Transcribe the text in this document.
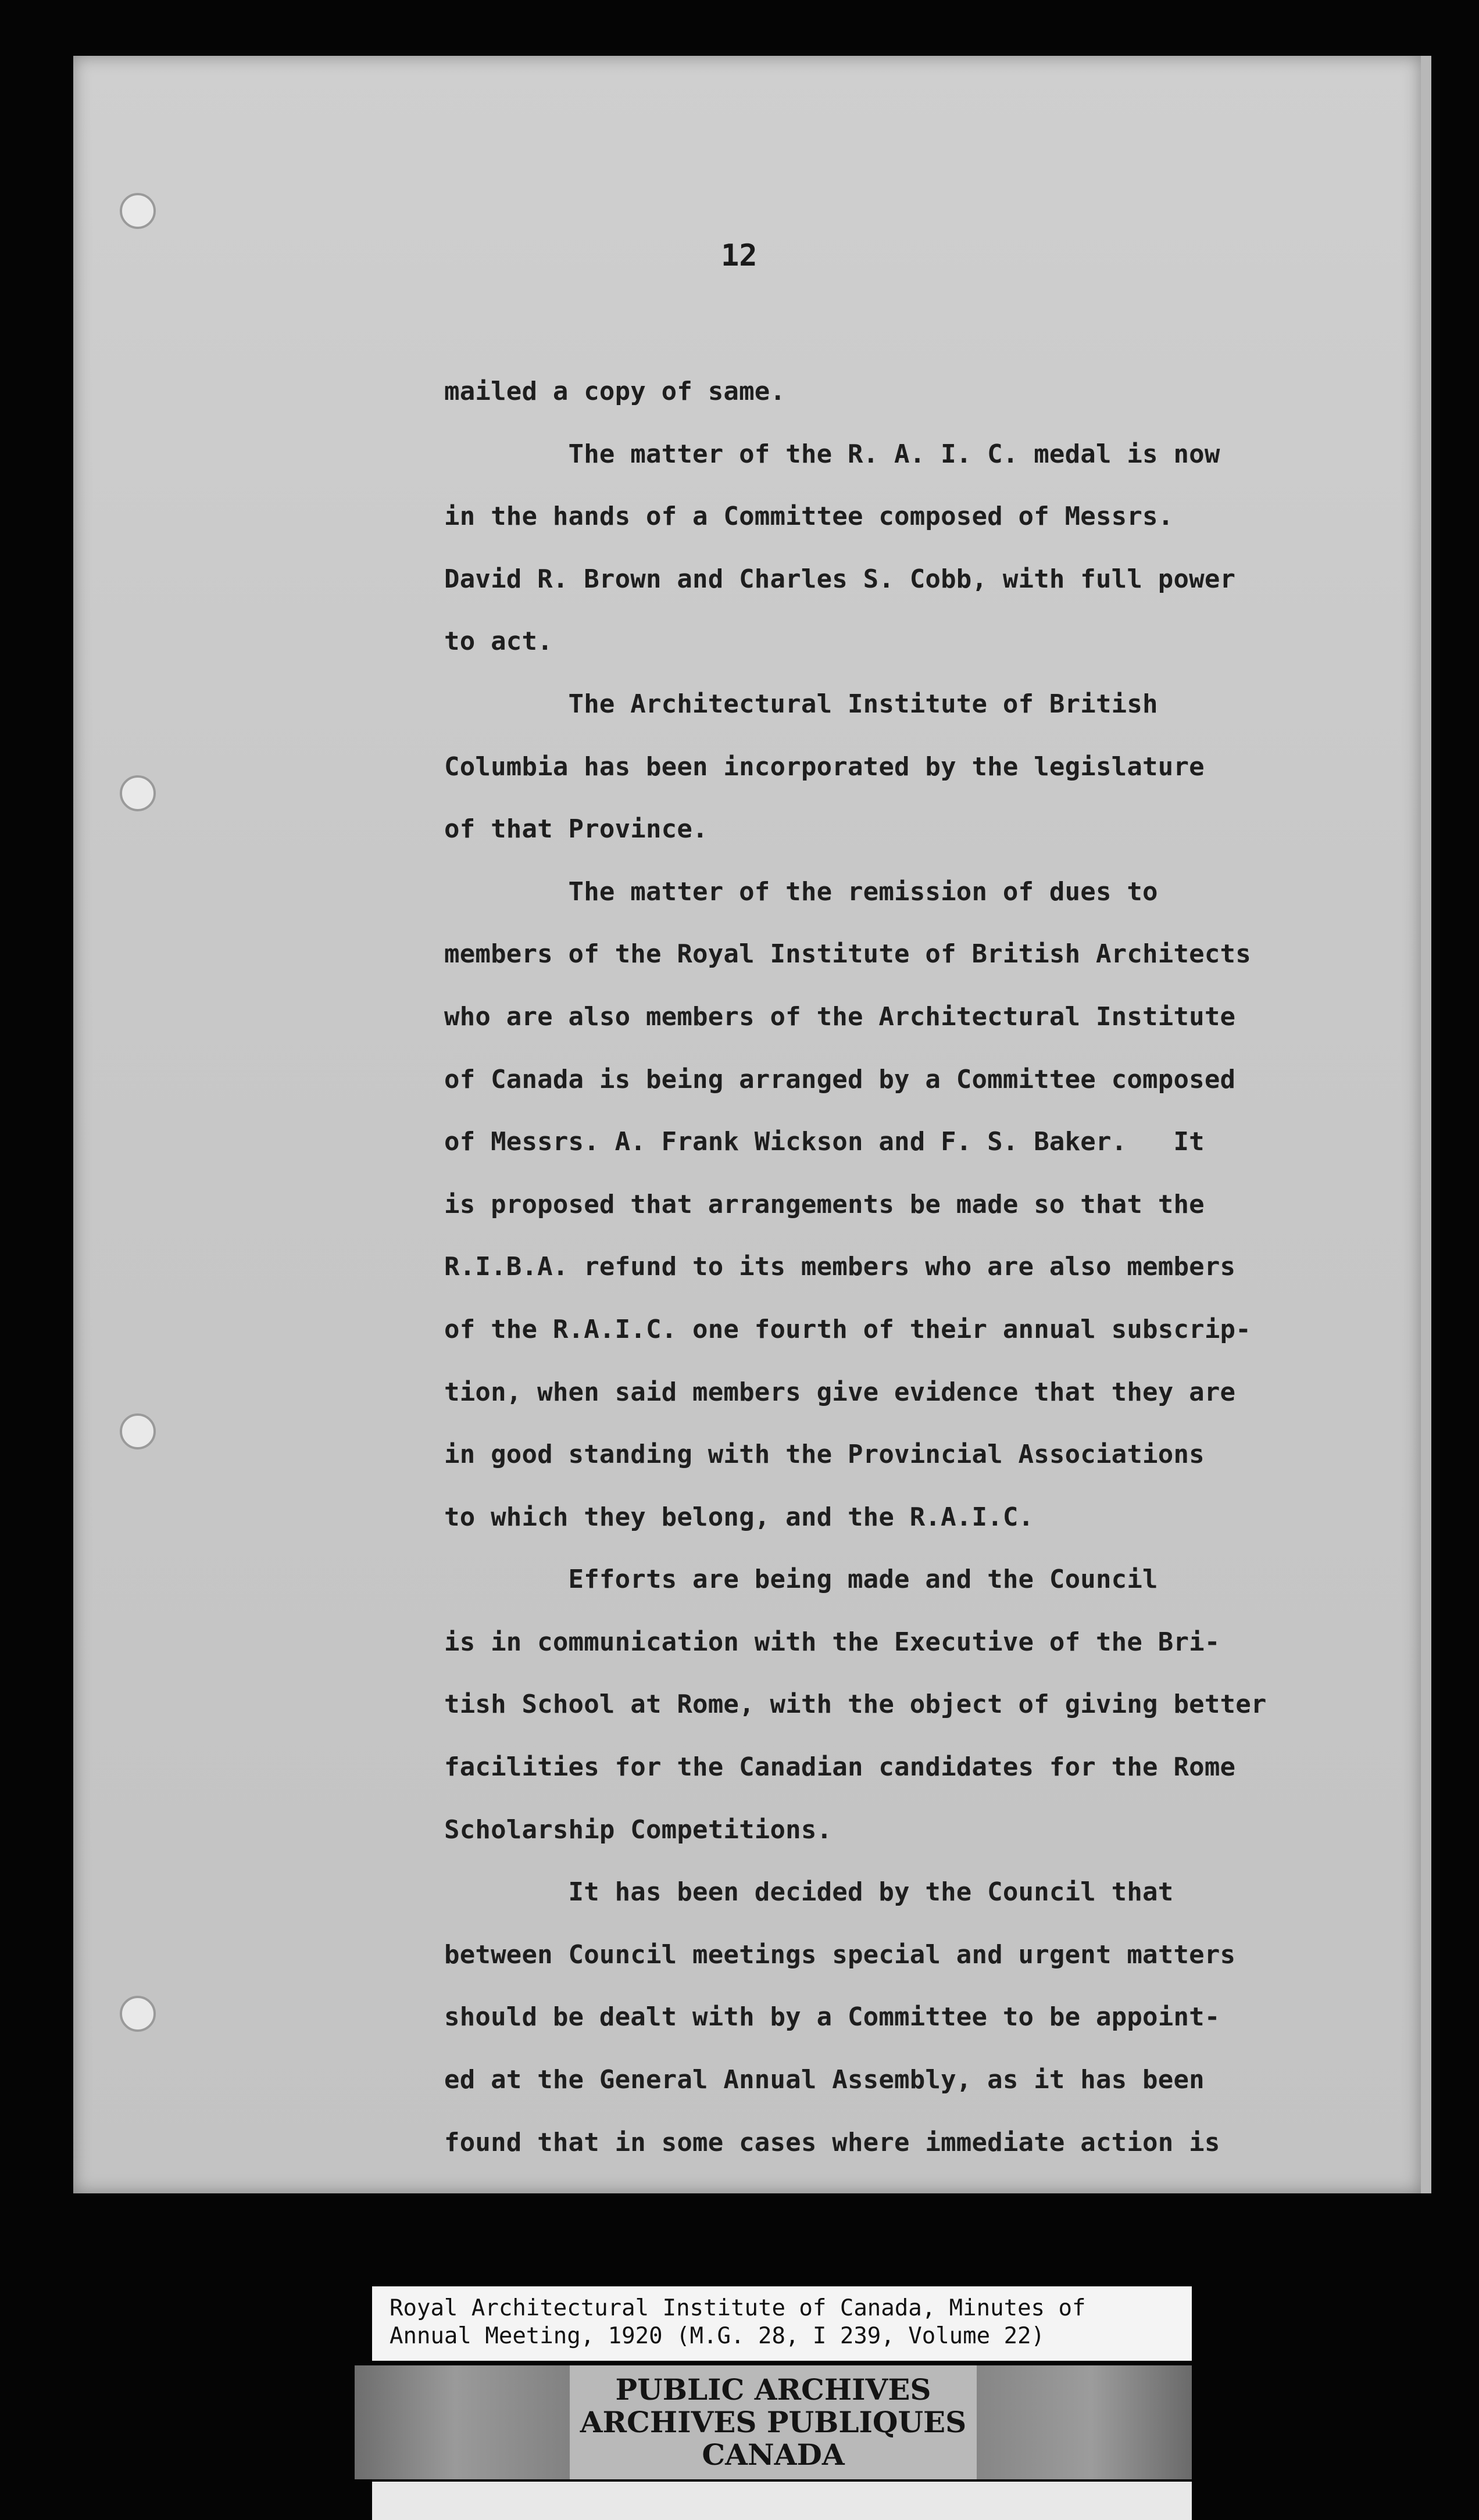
12
mailed a copy of same.
The matter of the R. A. I. C. medal is now
in the hands of a Committee composed of Messrs.
David R. Brown and Charles S. Cobb, with full power
to act.
The Architectural Institute of British
Columbia has been incorporated by the legislature
of that Province.
The matter of the remission of dues to
members of the Royal Institute of British Architects
who are also members of the Architectural Institute
of Canada is being arranged by a Committee composed
of Messrs. A. Frank Wickson and F. S. Baker.   It
is proposed that arrangements be made so that the
R.I.B.A. refund to its members who are also members
of the R.A.I.C. one fourth of their annual subscrip-
tion, when said members give evidence that they are
in good standing with the Provincial Associations
to which they belong, and the R.A.I.C.
Efforts are being made and the Council
is in communication with the Executive of the Bri-
tish School at Rome, with the object of giving better
facilities for the Canadian candidates for the Rome
Scholarship Competitions.
It has been decided by the Council that
between Council meetings special and urgent matters
should be dealt with by a Committee to be appoint-
ed at the General Annual Assembly, as it has been
found that in some cases where immediate action is
Royal Architectural Institute of Canada, Minutes of
Annual Meeting, 1920 (M.G. 28, I 239, Volume 22)
PUBLIC ARCHIVES
ARCHIVES PUBLIQUES
CANADA
